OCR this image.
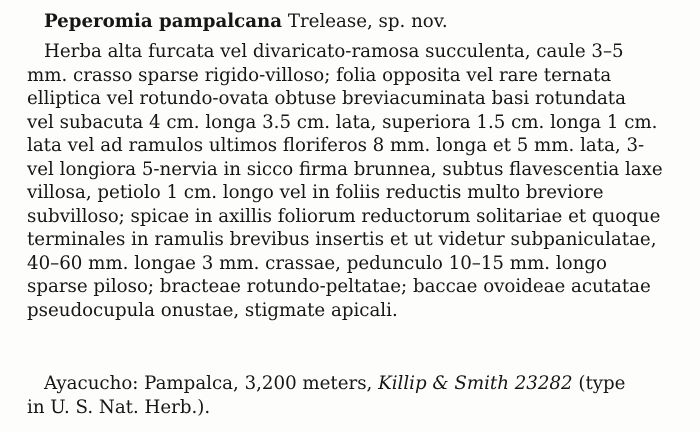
Peperomia pampalcana Trelease, sp. nov.
Herba alta furcata vel divaricato-ramosa succulenta, caule 3–5
mm. crasso sparse rigido-villoso; folia opposita vel rare ternata
elliptica vel rotundo-ovata obtuse breviacuminata basi rotundata
vel subacuta 4 cm. longa 3.5 cm. lata, superiora 1.5 cm. longa 1 cm.
lata vel ad ramulos ultimos floriferos 8 mm. longa et 5 mm. lata, 3-
vel longiora 5-nervia in sicco firma brunnea, subtus flavescentia laxe
villosa, petiolo 1 cm. longo vel in foliis reductis multo breviore
subvilloso; spicae in axillis foliorum reductorum solitariae et quoque
terminales in ramulis brevibus insertis et ut videtur subpaniculatae,
40–60 mm. longae 3 mm. crassae, pedunculo 10–15 mm. longo
sparse piloso; bracteae rotundo-peltatae; baccae ovoideae acutatae
pseudocupula onustae, stigmate apicali.
Ayacucho: Pampalca, 3,200 meters, Killip & Smith 23282 (type
in U. S. Nat. Herb.).
